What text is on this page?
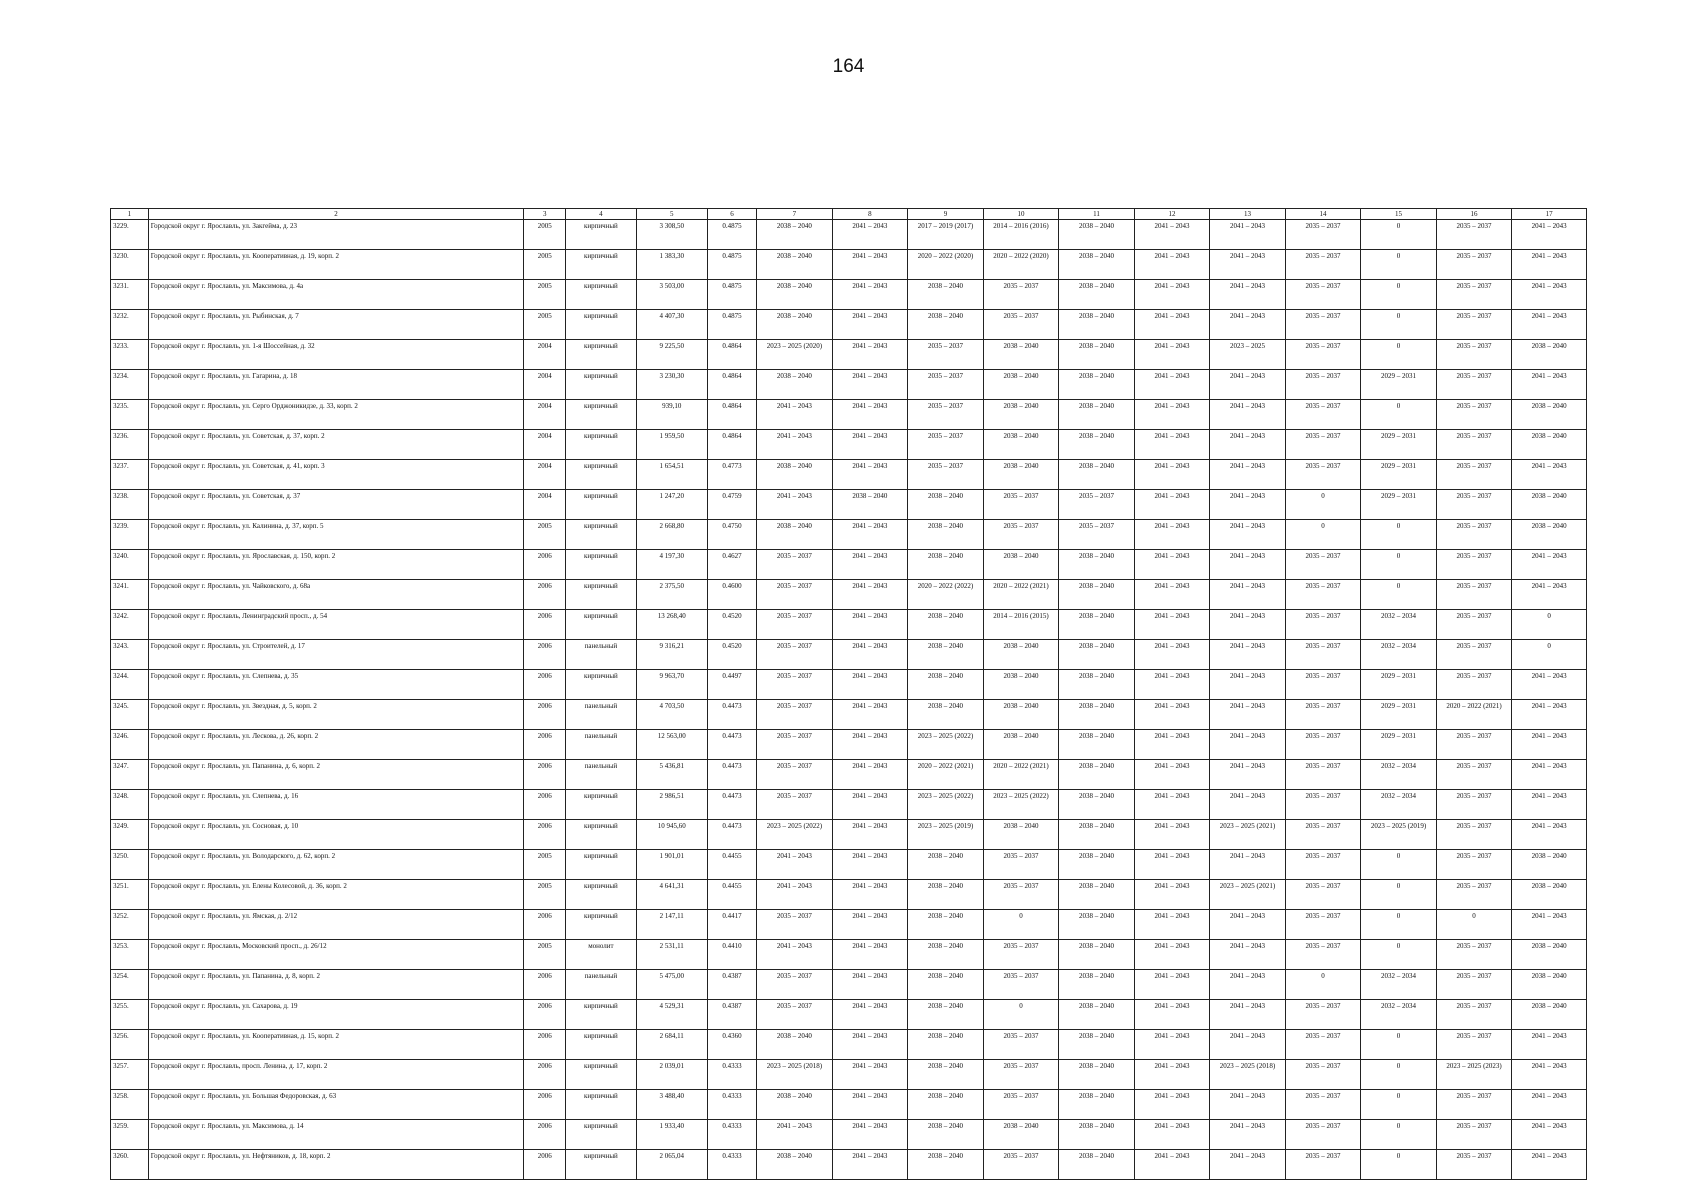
164
1	2	3	4	5	6	7	8	9	10	11	12	13	14	15	16	17
3229.	Городской округ г. Ярославль, ул. Закгейма, д. 23	2005	кирпичный	3 308,50	0.4875	2038 – 2040	2041 – 2043	2017 – 2019 (2017)	2014 – 2016 (2016)	2038 – 2040	2041 – 2043	2041 – 2043	2035 – 2037	0	2035 – 2037	2041 – 2043
3230.	Городской округ г. Ярославль, ул. Кооперативная, д. 19, корп. 2	2005	кирпичный	1 383,30	0.4875	2038 – 2040	2041 – 2043	2020 – 2022 (2020)	2020 – 2022 (2020)	2038 – 2040	2041 – 2043	2041 – 2043	2035 – 2037	0	2035 – 2037	2041 – 2043
3231.	Городской округ г. Ярославль, ул. Максимова, д. 4а	2005	кирпичный	3 503,00	0.4875	2038 – 2040	2041 – 2043	2038 – 2040	2035 – 2037	2038 – 2040	2041 – 2043	2041 – 2043	2035 – 2037	0	2035 – 2037	2041 – 2043
3232.	Городской округ г. Ярославль, ул. Рыбинская, д. 7	2005	кирпичный	4 407,30	0.4875	2038 – 2040	2041 – 2043	2038 – 2040	2035 – 2037	2038 – 2040	2041 – 2043	2041 – 2043	2035 – 2037	0	2035 – 2037	2041 – 2043
3233.	Городской округ г. Ярославль, ул. 1-я Шоссейная, д. 32	2004	кирпичный	9 225,50	0.4864	2023 – 2025 (2020)	2041 – 2043	2035 – 2037	2038 – 2040	2038 – 2040	2041 – 2043	2023 – 2025	2035 – 2037	0	2035 – 2037	2038 – 2040
3234.	Городской округ г. Ярославль, ул. Гагарина, д. 18	2004	кирпичный	3 230,30	0.4864	2038 – 2040	2041 – 2043	2035 – 2037	2038 – 2040	2038 – 2040	2041 – 2043	2041 – 2043	2035 – 2037	2029 – 2031	2035 – 2037	2041 – 2043
3235.	Городской округ г. Ярославль, ул. Серго Орджоникидзе, д. 33, корп. 2	2004	кирпичный	939,10	0.4864	2041 – 2043	2041 – 2043	2035 – 2037	2038 – 2040	2038 – 2040	2041 – 2043	2041 – 2043	2035 – 2037	0	2035 – 2037	2038 – 2040
3236.	Городской округ г. Ярославль, ул. Советская, д. 37, корп. 2	2004	кирпичный	1 959,50	0.4864	2041 – 2043	2041 – 2043	2035 – 2037	2038 – 2040	2038 – 2040	2041 – 2043	2041 – 2043	2035 – 2037	2029 – 2031	2035 – 2037	2038 – 2040
3237.	Городской округ г. Ярославль, ул. Советская, д. 41, корп. 3	2004	кирпичный	1 654,51	0.4773	2038 – 2040	2041 – 2043	2035 – 2037	2038 – 2040	2038 – 2040	2041 – 2043	2041 – 2043	2035 – 2037	2029 – 2031	2035 – 2037	2041 – 2043
3238.	Городской округ г. Ярославль, ул. Советская, д. 37	2004	кирпичный	1 247,20	0.4759	2041 – 2043	2038 – 2040	2038 – 2040	2035 – 2037	2035 – 2037	2041 – 2043	2041 – 2043	0	2029 – 2031	2035 – 2037	2038 – 2040
3239.	Городской округ г. Ярославль, ул. Калинина, д. 37, корп. 5	2005	кирпичный	2 668,80	0.4750	2038 – 2040	2041 – 2043	2038 – 2040	2035 – 2037	2035 – 2037	2041 – 2043	2041 – 2043	0	0	2035 – 2037	2038 – 2040
3240.	Городской округ г. Ярославль, ул. Ярославская, д. 150, корп. 2	2006	кирпичный	4 197,30	0.4627	2035 – 2037	2041 – 2043	2038 – 2040	2038 – 2040	2038 – 2040	2041 – 2043	2041 – 2043	2035 – 2037	0	2035 – 2037	2041 – 2043
3241.	Городской округ г. Ярославль, ул. Чайковского, д. 68а	2006	кирпичный	2 375,50	0.4600	2035 – 2037	2041 – 2043	2020 – 2022 (2022)	2020 – 2022 (2021)	2038 – 2040	2041 – 2043	2041 – 2043	2035 – 2037	0	2035 – 2037	2041 – 2043
3242.	Городской округ г. Ярославль, Ленинградский просп., д. 54	2006	кирпичный	13 268,40	0.4520	2035 – 2037	2041 – 2043	2038 – 2040	2014 – 2016 (2015)	2038 – 2040	2041 – 2043	2041 – 2043	2035 – 2037	2032 – 2034	2035 – 2037	0
3243.	Городской округ г. Ярославль, ул. Строителей, д. 17	2006	панельный	9 316,21	0.4520	2035 – 2037	2041 – 2043	2038 – 2040	2038 – 2040	2038 – 2040	2041 – 2043	2041 – 2043	2035 – 2037	2032 – 2034	2035 – 2037	0
3244.	Городской округ г. Ярославль, ул. Слепнева, д. 35	2006	кирпичный	9 963,70	0.4497	2035 – 2037	2041 – 2043	2038 – 2040	2038 – 2040	2038 – 2040	2041 – 2043	2041 – 2043	2035 – 2037	2029 – 2031	2035 – 2037	2041 – 2043
3245.	Городской округ г. Ярославль, ул. Звездная, д. 5, корп. 2	2006	панельный	4 703,50	0.4473	2035 – 2037	2041 – 2043	2038 – 2040	2038 – 2040	2038 – 2040	2041 – 2043	2041 – 2043	2035 – 2037	2029 – 2031	2020 – 2022 (2021)	2041 – 2043
3246.	Городской округ г. Ярославль, ул. Лескова, д. 26, корп. 2	2006	панельный	12 563,00	0.4473	2035 – 2037	2041 – 2043	2023 – 2025 (2022)	2038 – 2040	2038 – 2040	2041 – 2043	2041 – 2043	2035 – 2037	2029 – 2031	2035 – 2037	2041 – 2043
3247.	Городской округ г. Ярославль, ул. Папанина, д. 6, корп. 2	2006	панельный	5 436,81	0.4473	2035 – 2037	2041 – 2043	2020 – 2022 (2021)	2020 – 2022 (2021)	2038 – 2040	2041 – 2043	2041 – 2043	2035 – 2037	2032 – 2034	2035 – 2037	2041 – 2043
3248.	Городской округ г. Ярославль, ул. Слепнева, д. 16	2006	кирпичный	2 986,51	0.4473	2035 – 2037	2041 – 2043	2023 – 2025 (2022)	2023 – 2025 (2022)	2038 – 2040	2041 – 2043	2041 – 2043	2035 – 2037	2032 – 2034	2035 – 2037	2041 – 2043
3249.	Городской округ г. Ярославль, ул. Сосновая, д. 10	2006	кирпичный	10 945,60	0.4473	2023 – 2025 (2022)	2041 – 2043	2023 – 2025 (2019)	2038 – 2040	2038 – 2040	2041 – 2043	2023 – 2025 (2021)	2035 – 2037	2023 – 2025 (2019)	2035 – 2037	2041 – 2043
3250.	Городской округ г. Ярославль, ул. Володарского, д. 62, корп. 2	2005	кирпичный	1 901,01	0.4455	2041 – 2043	2041 – 2043	2038 – 2040	2035 – 2037	2038 – 2040	2041 – 2043	2041 – 2043	2035 – 2037	0	2035 – 2037	2038 – 2040
3251.	Городской округ г. Ярославль, ул. Елены Колесовой, д. 36, корп. 2	2005	кирпичный	4 641,31	0.4455	2041 – 2043	2041 – 2043	2038 – 2040	2035 – 2037	2038 – 2040	2041 – 2043	2023 – 2025 (2021)	2035 – 2037	0	2035 – 2037	2038 – 2040
3252.	Городской округ г. Ярославль, ул. Ямская, д. 2/12	2006	кирпичный	2 147,11	0.4417	2035 – 2037	2041 – 2043	2038 – 2040	0	2038 – 2040	2041 – 2043	2041 – 2043	2035 – 2037	0	0	2041 – 2043
3253.	Городской округ г. Ярославль, Московский просп., д. 26/12	2005	монолит	2 531,11	0.4410	2041 – 2043	2041 – 2043	2038 – 2040	2035 – 2037	2038 – 2040	2041 – 2043	2041 – 2043	2035 – 2037	0	2035 – 2037	2038 – 2040
3254.	Городской округ г. Ярославль, ул. Папанина, д. 8, корп. 2	2006	панельный	5 475,00	0.4387	2035 – 2037	2041 – 2043	2038 – 2040	2035 – 2037	2038 – 2040	2041 – 2043	2041 – 2043	0	2032 – 2034	2035 – 2037	2038 – 2040
3255.	Городской округ г. Ярославль, ул. Сахарова, д. 19	2006	кирпичный	4 529,31	0.4387	2035 – 2037	2041 – 2043	2038 – 2040	0	2038 – 2040	2041 – 2043	2041 – 2043	2035 – 2037	2032 – 2034	2035 – 2037	2038 – 2040
3256.	Городской округ г. Ярославль, ул. Кооперативная, д. 15, корп. 2	2006	кирпичный	2 684,11	0.4360	2038 – 2040	2041 – 2043	2038 – 2040	2035 – 2037	2038 – 2040	2041 – 2043	2041 – 2043	2035 – 2037	0	2035 – 2037	2041 – 2043
3257.	Городской округ г. Ярославль, просп. Ленина, д. 17, корп. 2	2006	кирпичный	2 039,01	0.4333	2023 – 2025 (2018)	2041 – 2043	2038 – 2040	2035 – 2037	2038 – 2040	2041 – 2043	2023 – 2025 (2018)	2035 – 2037	0	2023 – 2025 (2023)	2041 – 2043
3258.	Городской округ г. Ярославль, ул. Большая Федоровская, д. 63	2006	кирпичный	3 488,40	0.4333	2038 – 2040	2041 – 2043	2038 – 2040	2035 – 2037	2038 – 2040	2041 – 2043	2041 – 2043	2035 – 2037	0	2035 – 2037	2041 – 2043
3259.	Городской округ г. Ярославль, ул. Максимова, д. 14	2006	кирпичный	1 933,40	0.4333	2041 – 2043	2041 – 2043	2038 – 2040	2038 – 2040	2038 – 2040	2041 – 2043	2041 – 2043	2035 – 2037	0	2035 – 2037	2041 – 2043
3260.	Городской округ г. Ярославль, ул. Нефтяников, д. 18, корп. 2	2006	кирпичный	2 065,04	0.4333	2038 – 2040	2041 – 2043	2038 – 2040	2035 – 2037	2038 – 2040	2041 – 2043	2041 – 2043	2035 – 2037	0	2035 – 2037	2041 – 2043
